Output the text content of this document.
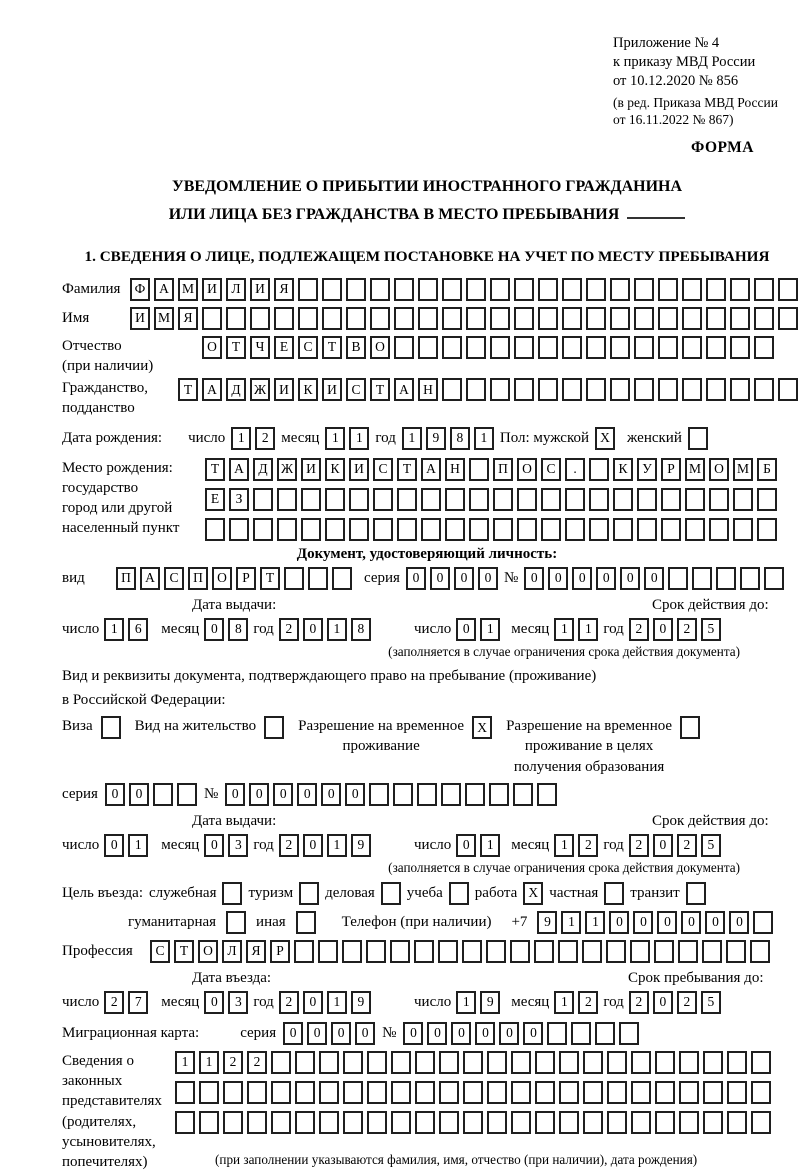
Приложение № 4
к приказу МВД России
от 10.12.2020 № 856
(в ред. Приказа МВД России
от 16.11.2022 № 867)
ФОРМА
УВЕДОМЛЕНИЕ О ПРИБЫТИИ ИНОСТРАННОГО ГРАЖДАНИНА
ИЛИ ЛИЦА БЕЗ ГРАЖДАНСТВА В МЕСТО ПРЕБЫВАНИЯ
1. СВЕДЕНИЯ О ЛИЦЕ, ПОДЛЕЖАЩЕМ ПОСТАНОВКЕ НА УЧЕТ ПО МЕСТУ ПРЕБЫВАНИЯ
Фамилия	Ф	А М И	Л	И	Я
Имя	И М Я
Отчество
(при наличии)
О	Т	Ч	Е	С	Т	В	О
Гражданство,
подданство
Т	А	Д Ж И	К	И	С	Т	А	Н
Дата рождения: число 1	2 месяц 1	1 год 1	9	8	1 Пол: мужской X	женский
Место рождения:
государство
город или другой
населенный пункт
Т	А	Д Ж И	К	И	С	Т	А	Н	П	О	С	.	К	У	Р	М О М	Б
Е	З
Документ, удостоверяющий личность:
вид	П	А	С	П	О	Р	Т	серия 0	0	0	0 № 0	0	0	0	0	0
Дата выдачи:	Срок действия до:
число 1	6	месяц 0	8 год 2	0	1	8	число 0	1	месяц 1	1 год 2	0	2	5
(заполняется в случае ограничения срока действия документа)
Вид и реквизиты документа, подтверждающего право на пребывание (проживание)
в Российской Федерации:
Виза	Вид на жительство	Разрешение на временное
проживание
X	Разрешение на временное
проживание в целях
получения образования
серия	0	0	№	0	0	0	0	0	0
Дата выдачи:	Срок действия до:
число 0	1	месяц 0	3 год 2	0	1	9	число 0	1	месяц 1	2 год 2	0	2	5
(заполняется в случае ограничения срока действия документа)
Цель въезда: служебная туризм деловая учеба работа X частная транзит
гуманитарная	иная	Телефон (при наличии) +7	9	1	1	0	0	0	0	0	0
Профессия	С	Т	О	Л	Я	Р
Дата въезда:	Срок пребывания до:
число 2	7	месяц 0	3 год 2	0	1	9	число 1	9	месяц 1	2 год 2	0	2	5
Миграционная карта:	серия	0	0	0	0 №	0	0	0	0	0	0
Сведения о
законных
представителях
(родителях,
усыновителях,
попечителях)
1	1	2	2
(при заполнении указываются фамилия, имя, отчество (при наличии), дата рождения)
